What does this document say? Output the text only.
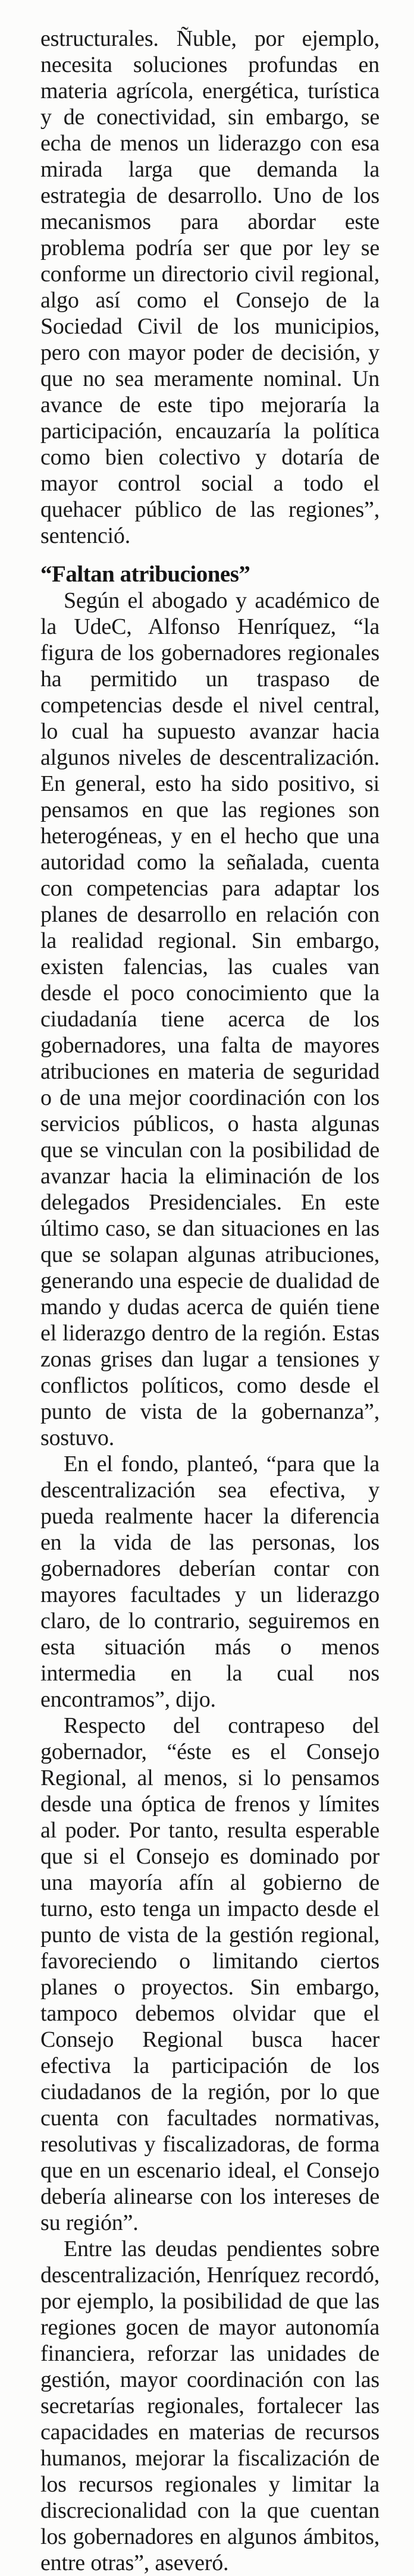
estructurales. Ñuble, por ejemplo, necesita soluciones profundas en materia agrícola, energética, turística y de conectividad, sin embargo, se echa de menos un liderazgo con esa mirada larga que demanda la estrategia de desarrollo. Uno de los mecanismos para abordar este problema podría ser que por ley se conforme un directorio civil regional, algo así como el Consejo de la Sociedad Civil de los municipios, pero con mayor poder de decisión, y que no sea meramente nominal. Un avance de este tipo mejoraría la participación, encauzaría la política como bien colectivo y dotaría de mayor control social a todo el quehacer público de las regiones”, sentenció.

“Faltan atribuciones”

Según el abogado y académico de la UdeC, Alfonso Henríquez, “la figura de los gobernadores regionales ha permitido un traspaso de competencias desde el nivel central, lo cual ha supuesto avanzar hacia algunos niveles de descentralización. En general, esto ha sido positivo, si pensamos en que las regiones son heterogéneas, y en el hecho que una autoridad como la señalada, cuenta con competencias para adaptar los planes de desarrollo en relación con la realidad regional. Sin embargo, existen falencias, las cuales van desde el poco conocimiento que la ciudadanía tiene acerca de los gobernadores, una falta de mayores atribuciones en materia de seguridad o de una mejor coordinación con los servicios públicos, o hasta algunas que se vinculan con la posibilidad de avanzar hacia la eliminación de los delegados Presidenciales. En este último caso, se dan situaciones en las que se solapan algunas atribuciones, generando una especie de dualidad de mando y dudas acerca de quién tiene el liderazgo dentro de la región. Estas zonas grises dan lugar a tensiones y conflictos políticos, como desde el punto de vista de la gobernanza”, sostuvo.

En el fondo, planteó, “para que la descentralización sea efectiva, y pueda realmente hacer la diferencia en la vida de las personas, los gobernadores deberían contar con mayores facultades y un liderazgo claro, de lo contrario, seguiremos en esta situación más o menos intermedia en la cual nos encontramos”, dijo.

Respecto del contrapeso del gobernador, “éste es el Consejo Regional, al menos, si lo pensamos desde una óptica de frenos y límites al poder. Por tanto, resulta esperable que si el Consejo es dominado por una mayoría afín al gobierno de turno, esto tenga un impacto desde el punto de vista de la gestión regional, favoreciendo o limitando ciertos planes o proyectos. Sin embargo, tampoco debemos olvidar que el Consejo Regional busca hacer efectiva la participación de los ciudadanos de la región, por lo que cuenta con facultades normativas, resolutivas y fiscalizadoras, de forma que en un escenario ideal, el Consejo debería alinearse con los intereses de su región”.

Entre las deudas pendientes sobre descentralización, Henríquez recordó, por ejemplo, la posibilidad de que las regiones gocen de mayor autonomía financiera, reforzar las unidades de gestión, mayor coordinación con las secretarías regionales, fortalecer las capacidades en materias de recursos humanos, mejorar la fiscalización de los recursos regionales y limitar la discrecionalidad con la que cuentan los gobernadores en algunos ámbitos, entre otras”, aseveró.
